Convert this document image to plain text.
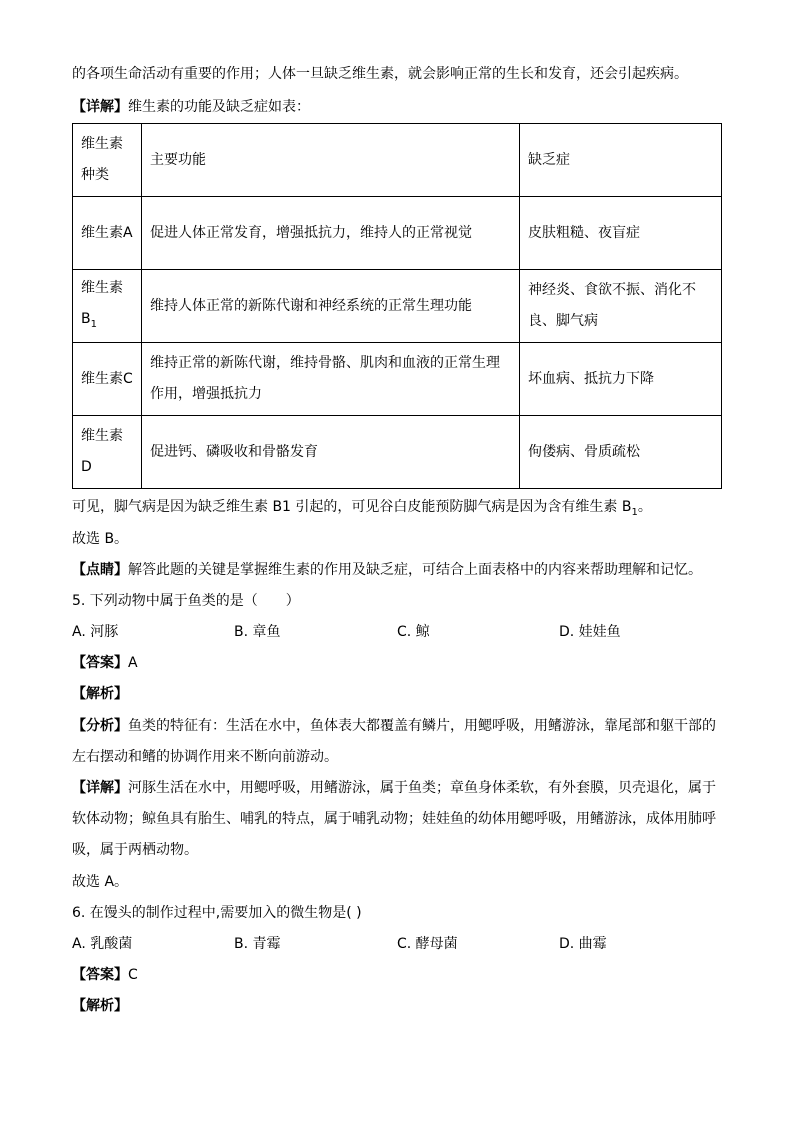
的各项生命活动有重要的作用；人体一旦缺乏维生素，就会影响正常的生长和发育，还会引起疾病。
【详解】维生素的功能及缺乏症如表：
维生素种类	主要功能	缺乏症
维生素A	促进人体正常发育，增强抵抗力，维持人的正常视觉	皮肤粗糙、夜盲症
维生素$B_1$	维持人体正常的新陈代谢和神经系统的正常生理功能	神经炎、食欲不振、消化不良、脚气病
维生素C	维持正常的新陈代谢，维持骨骼、肌肉和血液的正常生理作用，增强抵抗力	坏血病、抵抗力下降
维生素D	促进钙、磷吸收和骨骼发育	佝偻病、骨质疏松
可见，脚气病是因为缺乏维生素 B1 引起的，可见谷白皮能预防脚气病是因为含有维生素 $B_1$。
故选 B。
【点睛】解答此题的关键是掌握维生素的作用及缺乏症，可结合上面表格中的内容来帮助理解和记忆。
5. 下列动物中属于鱼类的是（　　）
A. 河豚	B. 章鱼	C. 鲸	D. 娃娃鱼
【答案】A
【解析】
【分析】鱼类的特征有：生活在水中，鱼体表大都覆盖有鳞片，用鳃呼吸，用鳍游泳，靠尾部和躯干部的
左右摆动和鳍的协调作用来不断向前游动。
【详解】河豚生活在水中，用鳃呼吸，用鳍游泳，属于鱼类；章鱼身体柔软，有外套膜，贝壳退化，属于
软体动物；鲸鱼具有胎生、哺乳的特点，属于哺乳动物；娃娃鱼的幼体用鳃呼吸，用鳍游泳，成体用肺呼
吸，属于两栖动物。
故选 A。
6. 在馒头的制作过程中,需要加入的微生物是( )
A. 乳酸菌	B. 青霉	C. 酵母菌	D. 曲霉
【答案】C
【解析】
